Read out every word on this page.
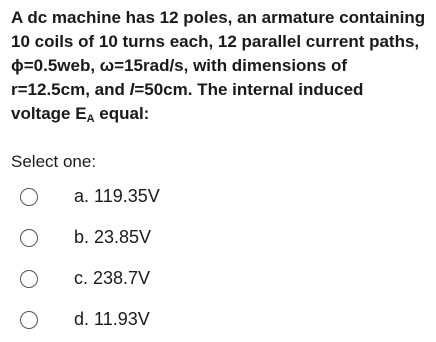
A dc machine has 12 poles, an armature containing
10 coils of 10 turns each, 12 parallel current paths,
ϕ=0.5web, ω=15rad/s, with dimensions of
r=12.5cm, and l=50cm. The internal induced
voltage $E_A$ equal:
Select one:
a. 119.35V
b. 23.85V
c. 238.7V
d. 11.93V
